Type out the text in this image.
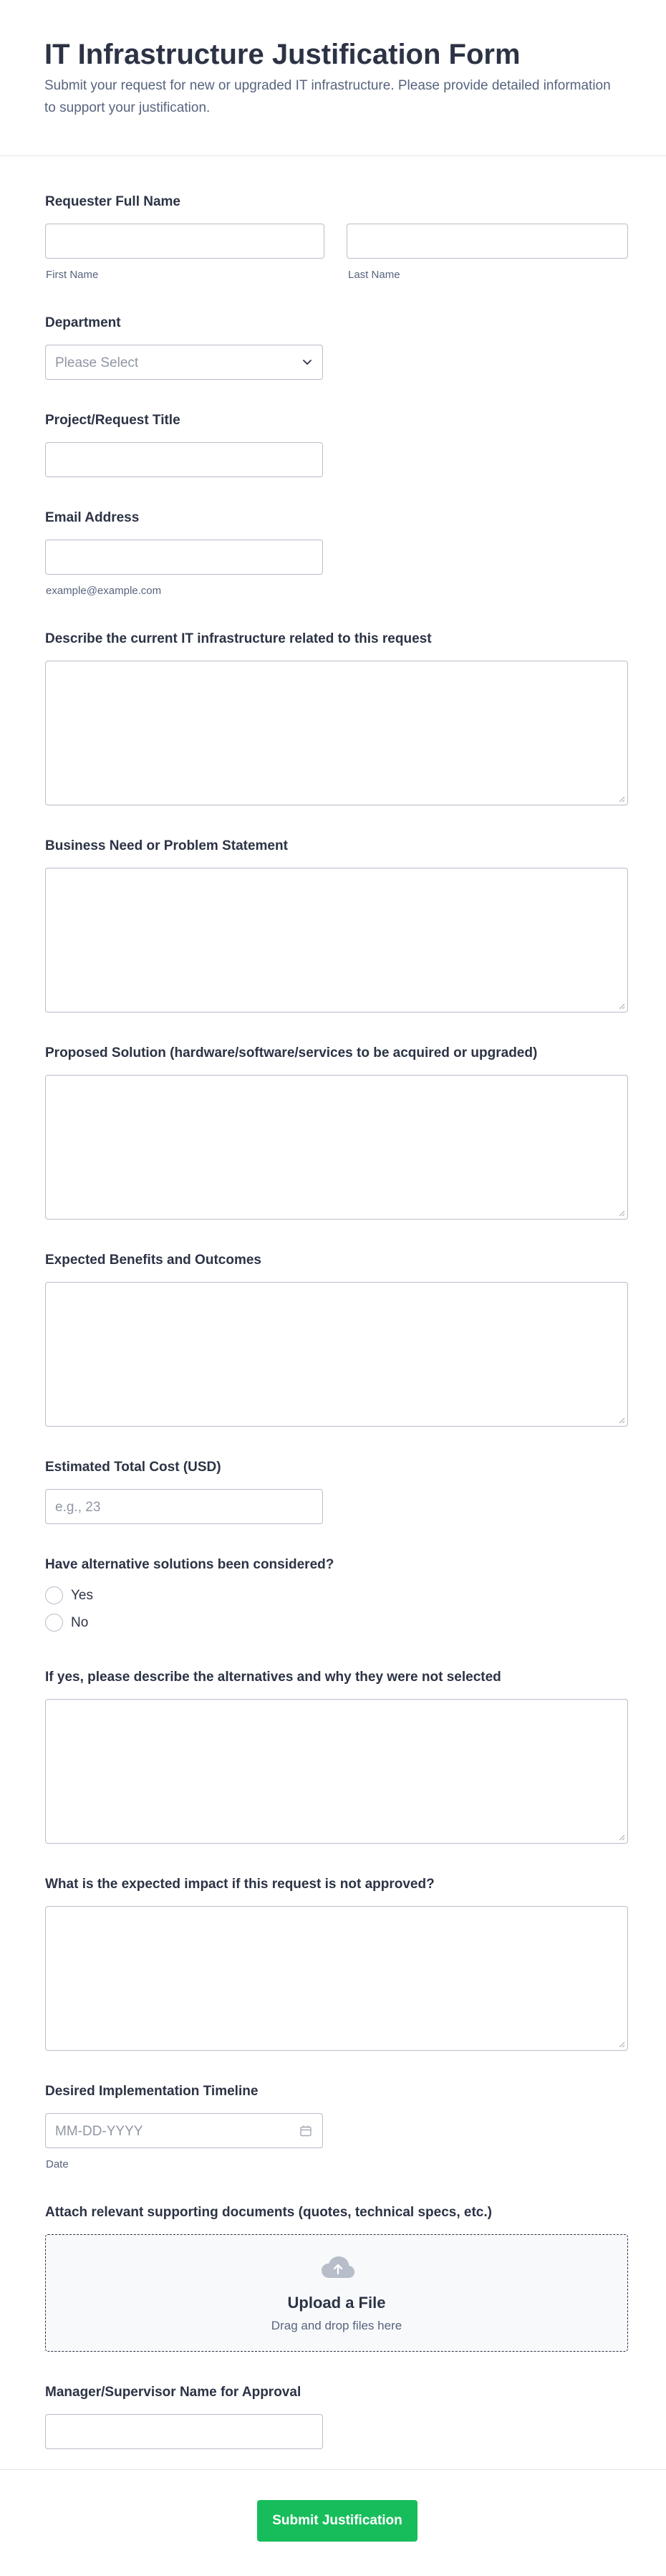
IT Infrastructure Justification Form

Submit your request for new or upgraded IT infrastructure. Please provide detailed information to support your justification.

Requester Full Name
First Name	Last Name
Department
Please Select
Project/Request Title
Email Address
example@example.com
Describe the current IT infrastructure related to this request
Business Need or Problem Statement
Proposed Solution (hardware/software/services to be acquired or upgraded)
Expected Benefits and Outcomes
Estimated Total Cost (USD)
e.g., 23
Have alternative solutions been considered?
Yes
No
If yes, please describe the alternatives and why they were not selected
What is the expected impact if this request is not approved?
Desired Implementation Timeline
MM-DD-YYYY
Date
Attach relevant supporting documents (quotes, technical specs, etc.)
Upload a File
Drag and drop files here
Manager/Supervisor Name for Approval
Submit Justification
